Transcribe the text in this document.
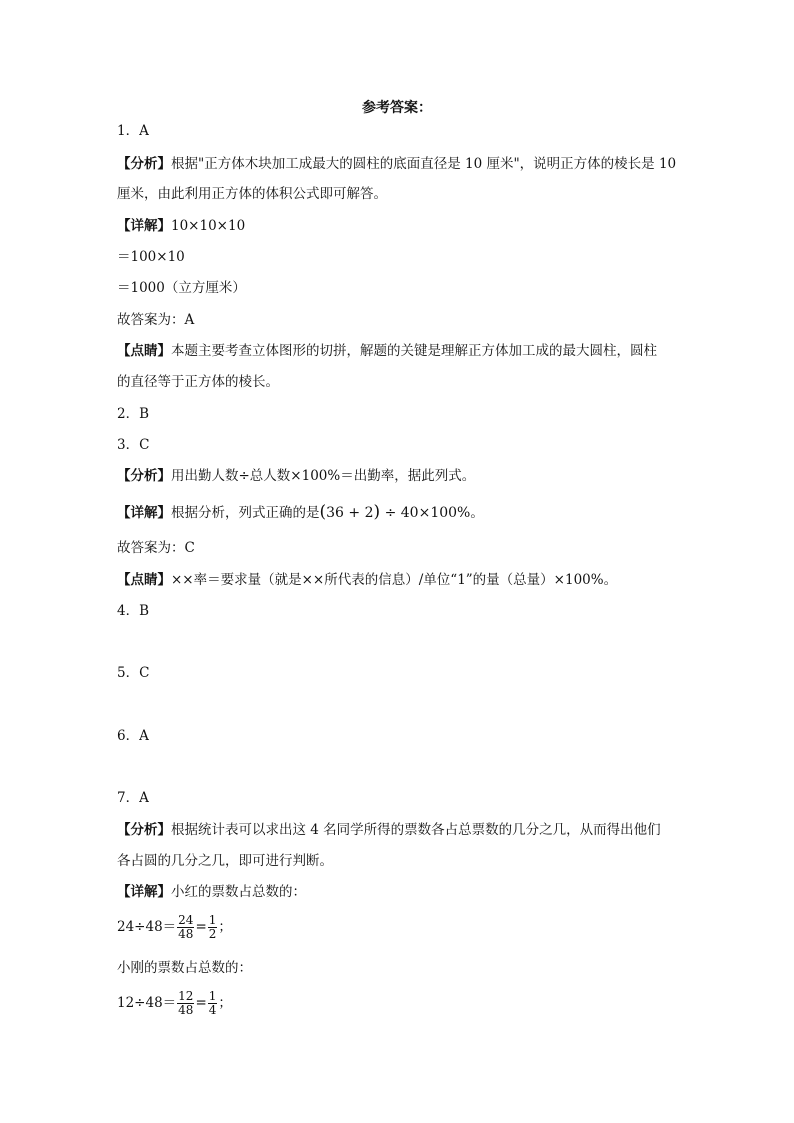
参考答案：
1．A
【分析】根据"正方体木块加工成最大的圆柱的底面直径是 10 厘米"，说明正方体的棱长是 10
厘米，由此利用正方体的体积公式即可解答。
【详解】10×10×10
＝100×10
＝1000（立方厘米）
故答案为：A
【点睛】本题主要考查立体图形的切拼，解题的关键是理解正方体加工成的最大圆柱，圆柱
的直径等于正方体的棱长。
2．B
3．C
【分析】用出勤人数÷总人数×100%＝出勤率，据此列式。
【详解】根据分析，列式正确的是(36 + 2) ÷ 40×100%。
故答案为：C
【点睛】××率＝要求量（就是××所代表的信息）/单位“1”的量（总量）×100%。
4．B
5．C
6．A
7．A
【分析】根据统计表可以求出这 4 名同学所得的票数各占总票数的几分之几，从而得出他们
各占圆的几分之几，即可进行判断。
【详解】小红的票数占总数的：
$24\div 48= \frac{24}{48} = \frac{1}{2}$ ；
小刚的票数占总数的：
$12\div 48= \frac{12}{48} = \frac{1}{4}$ ；
